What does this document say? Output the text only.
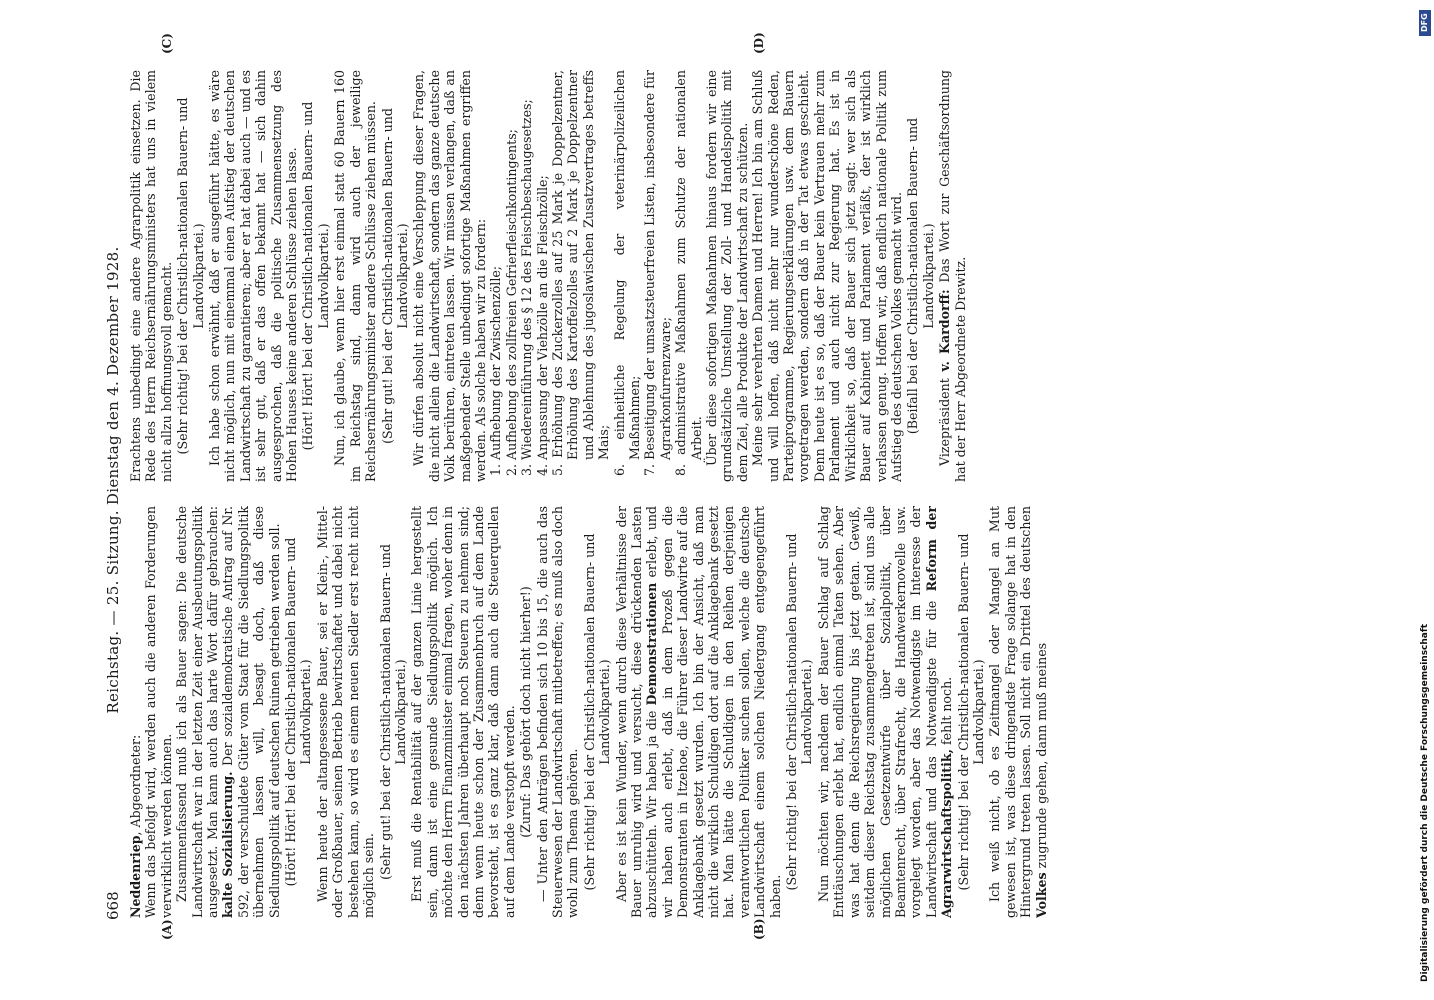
668
Reichstag. — 25. Sitzung. Dienstag den 4. Dezember 1928.
(A)	(B)
(C)	(D)

Neddenriep, Abgeordneter: Wenn das befolgt wird, werden auch die anderen Forderungen verwirklicht werden können. Zusammenfassend muß ich als Bauer sagen: Die deutsche Landwirtschaft war in der letzten Zeit einer Ausbeutungspolitik ausgesetzt. Man kann auch das harte Wort dafür gebrauchen: kalte Sozialisierung. Der sozialdemokratische Antrag auf Nr. 592, der verschuldete Güter vom Staat für die Siedlungspolitik übernehmen lassen will, besagt doch, daß diese Siedlungspolitik auf deutschen Ruinen getrieben werden soll. (Hört! Hört! bei der Christlich-nationalen Bauern- und Landvolkpartei.) Wenn heute der altangesessene Bauer, sei er Klein-, Mittel- oder Großbauer, seinen Betrieb bewirtschaftet und dabei nicht bestehen kann, so wird es einem neuen Siedler erst recht nicht möglich sein. (Sehr gut! bei der Christlich-nationalen Bauern- und Landvolkpartei.) Erst muß die Rentabilität auf der ganzen Linie hergestellt sein, dann ist eine gesunde Siedlungspolitik möglich. Ich möchte den Herrn Finanzminister einmal fragen, woher denn in den nächsten Jahren überhaupt noch Steuern zu nehmen sind; denn wenn heute schon der Zusammenbruch auf dem Lande bevorsteht, ist es ganz klar, daß dann auch die Steuerquellen auf dem Lande verstopft werden. (Zuruf: Das gehört doch nicht hierher!) — Unter den Anträgen befinden sich 10 bis 15, die auch das Steuerwesen der Landwirtschaft mitbetreffen; es muß also doch wohl zum Thema gehören. (Sehr richtig! bei der Christlich-nationalen Bauern- und Landvolkpartei.) Aber es ist kein Wunder, wenn durch diese Verhältnisse der Bauer unruhig wird und versucht, diese drückenden Lasten abzuschütteln. Wir haben ja die Demonstrationen erlebt, und wir haben auch erlebt, daß in dem Prozeß gegen die Demonstranten in Itzehoe, die Führer dieser Landwirte auf die Anklagebank gesetzt wurden. Ich bin der Ansicht, daß man nicht die wirklich Schuldigen dort auf die Anklagebank gesetzt hat. Man hätte die Schuldigen in den Reihen derjenigen verantwortlichen Politiker suchen sollen, welche die deutsche Landwirtschaft einem solchen Niedergang entgegengeführt haben.

(Sehr richtig! bei der Christlich-nationalen Bauern- und Landvolkpartei.) Nun möchten wir, nachdem der Bauer Schlag auf Schlag Enttäuschungen erlebt hat, endlich einmal Taten sehen. Aber was hat denn die Reichsregierung bis jetzt getan. Gewiß, seitdem dieser Reichstag zusammengetreten ist, sind uns alle möglichen Gesetzentwürfe über Sozialpolitik, über Beamtenrecht, über Strafrecht, die Handwerkernovelle usw. vorgelegt worden, aber das Notwendigste im Interesse der Landwirtschaft und das Notwendigste für die Reform der Agrarwirtschaftspolitik, fehlt noch. (Sehr richtig! bei der Christlich-nationalen Bauern- und Landvolkpartei.) Ich weiß nicht, ob es Zeitmangel oder Mangel an Mut gewesen ist, was diese dringendste Frage solange hat in den Hintergrund treten lassen. Soll nicht ein Drittel des deutschen Volkes zugrunde gehen, dann muß meines

Erachtens unbedingt eine andere Agrarpolitik einsetzen. Die Rede des Herrn Reichsernährungsministers hat uns in vielem nicht allzu hoffnungsvoll gemacht. (Sehr richtig! bei der Christlich-nationalen Bauern- und Landvolkpartei.) Ich habe schon erwähnt, daß er ausgeführt hätte, es wäre nicht möglich, nun mit einemmal einen Aufstieg der deutschen Landwirtschaft zu garantieren; aber er hat dabei auch — und es ist sehr gut, daß er das offen bekannt hat — sich dahin ausgesprochen, daß die politische Zusammensetzung des Hohen Hauses keine anderen Schlüsse ziehen lasse. (Hört! Hört! bei der Christlich-nationalen Bauern- und Landvolkpartei.) Nun, ich glaube, wenn hier erst einmal statt 60 Bauern 160 im Reichstag sind, dann wird auch der jeweilige Reichsernährungsminister andere Schlüsse ziehen müssen. (Sehr gut! bei der Christlich-nationalen Bauern- und Landvolkpartei.) Wir dürfen absolut nicht eine Verschleppung dieser Fragen, die nicht allein die Landwirtschaft, sondern das ganze deutsche Volk berühren, eintreten lassen. Wir müssen verlangen, daß an maßgebender Stelle unbedingt sofortige Maßnahmen ergriffen werden. Als solche haben wir zu fordern: 1. Aufhebung der Zwischenzölle; 2. Aufhebung des zollfreien Gefrierfleischkontingents; 3. Wiedereinführung des § 12 des Fleischbeschaugesetzes; 4. Anpassung der Viehzölle an die Fleischzölle; 5. Erhöhung des Zuckerzolles auf 25 Mark je Doppelzentner, Erhöhung des Kartoffelzolles auf 2 Mark je Doppelzentner und Ablehnung des jugoslawischen Zusatzvertrages betreffs Mais; 6. einheitliche Regelung der veterinärpolizeilichen Maßnahmen; 7. Beseitigung der umsatzsteuerfreien Listen, insbesondere für Agrarkonfurrenzware; 8. administrative Maßnahmen zum Schutze der nationalen Arbeit. Über diese sofortigen Maßnahmen hinaus fordern wir eine grundsätzliche Umstellung der Zoll- und Handelspolitik mit dem Ziel, alle Produkte der Landwirtschaft zu schützen. Meine sehr verehrten Damen und Herren! Ich bin am Schluß und will hoffen, daß nicht mehr nur wunderschöne Reden, Parteiprogramme, Regierungserklärungen usw. dem Bauern vorgetragen werden, sondern daß in der Tat etwas geschieht. Denn heute ist es so, daß der Bauer kein Vertrauen mehr zum Parlament und auch nicht zur Regierung hat. Es ist in Wirklichkeit so, daß der Bauer sich jetzt sagt: wer sich als Bauer auf Kabinett und Parlament verläßt, der ist wirklich verlassen genug. Hoffen wir, daß endlich nationale Politik zum Aufstieg des deutschen Volkes gemacht wird. (Beifall bei der Christlich-nationalen Bauern- und Landvolkpartei.)

Vizepräsident v. Kardorff: Das Wort zur Geschäftsordnung hat der Herr Abgeordnete Drewitz.

DFG
Digitalisierung gefördert durch die Deutsche Forschungsgemeinschaft
